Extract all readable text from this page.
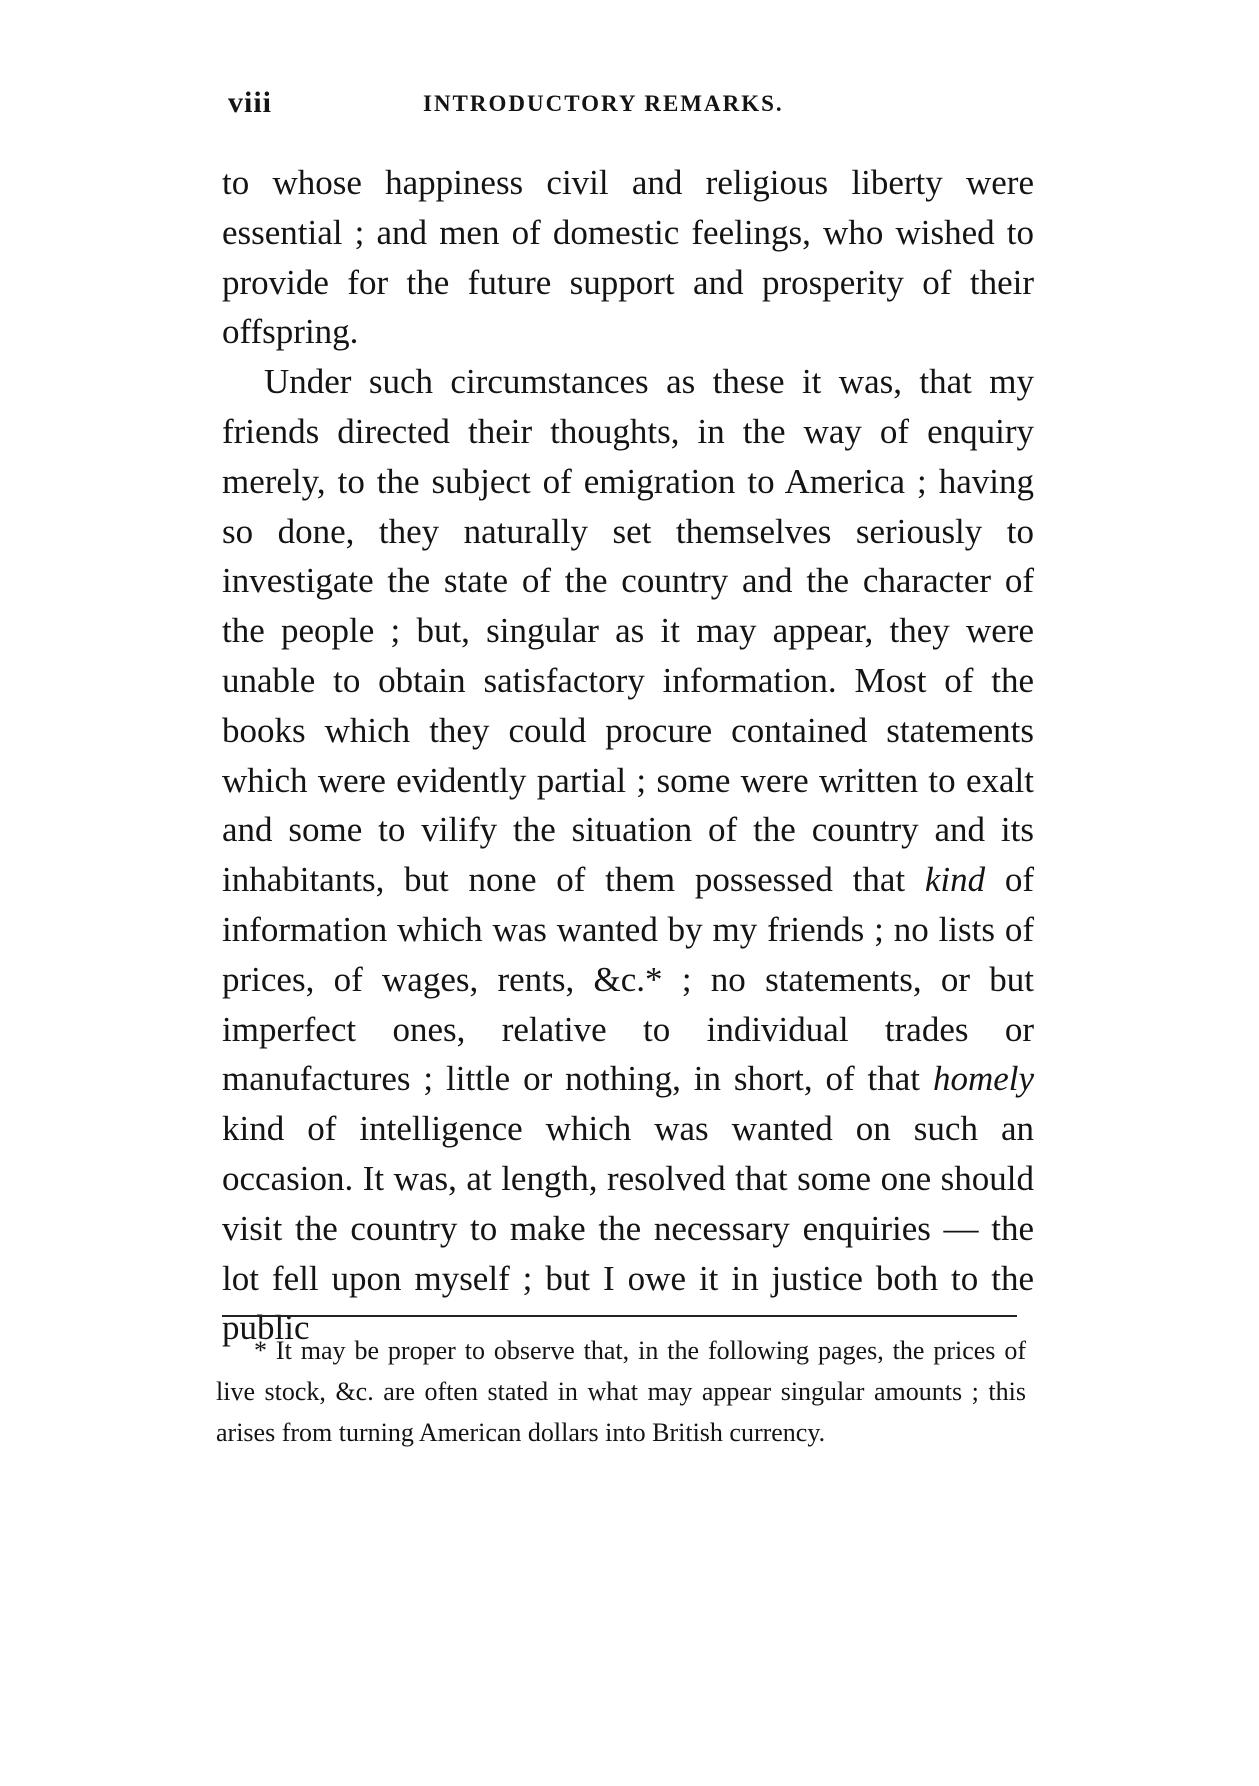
viii	INTRODUCTORY REMARKS.

to whose happiness civil and religious liberty were essential ; and men of domestic feelings, who wished to provide for the future support and prosperity of their offspring.

Under such circumstances as these it was, that my friends directed their thoughts, in the way of enquiry merely, to the subject of emigration to America ; having so done, they naturally set themselves seriously to investigate the state of the country and the character of the people ; but, singular as it may appear, they were unable to obtain satisfactory information. Most of the books which they could procure contained statements which were evidently partial ; some were written to exalt and some to vilify the situation of the country and its inhabitants, but none of them possessed that kind of information which was wanted by my friends ; no lists of prices, of wages, rents, &c.* ; no statements, or but imperfect ones, relative to individual trades or manufactures ; little or nothing, in short, of that homely kind of intelligence which was wanted on such an occasion. It was, at length, resolved that some one should visit the country to make the necessary enquiries — the lot fell upon myself ; but I owe it in justice both to the public

* It may be proper to observe that, in the following pages, the prices of live stock, &c. are often stated in what may appear singular amounts ; this arises from turning American dollars into British currency.
